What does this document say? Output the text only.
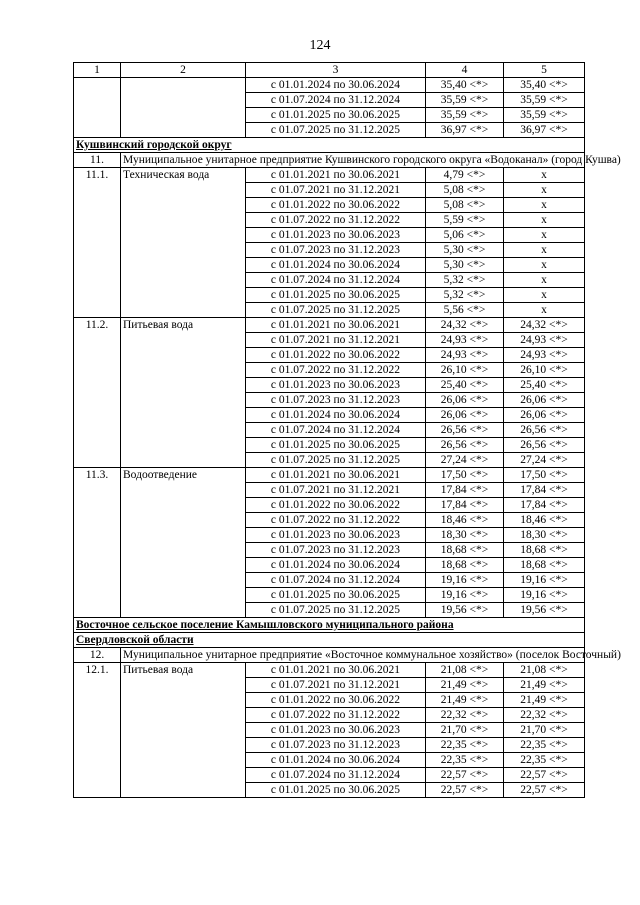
124
1	2	3	4	5
		с 01.01.2024 по 30.06.2024	35,40 <*>	35,40 <*>
		с 01.07.2024 по 31.12.2024	35,59 <*>	35,59 <*>
		с 01.01.2025 по 30.06.2025	35,59 <*>	35,59 <*>
		с 01.07.2025 по 31.12.2025	36,97 <*>	36,97 <*>
Кушвинский городской округ				
11.	Муниципальное унитарное предприятие Кушвинского городского округа «Водоканал» (город Кушва)			
11.1.	Техническая вода	с 01.01.2021 по 30.06.2021	4,79 <*>	x
		с 01.07.2021 по 31.12.2021	5,08 <*>	x
		с 01.01.2022 по 30.06.2022	5,08 <*>	x
		с 01.07.2022 по 31.12.2022	5,59 <*>	x
		с 01.01.2023 по 30.06.2023	5,06 <*>	x
		с 01.07.2023 по 31.12.2023	5,30 <*>	x
		с 01.01.2024 по 30.06.2024	5,30 <*>	x
		с 01.07.2024 по 31.12.2024	5,32 <*>	x
		с 01.01.2025 по 30.06.2025	5,32 <*>	x
		с 01.07.2025 по 31.12.2025	5,56 <*>	x
11.2.	Питьевая вода	с 01.01.2021 по 30.06.2021	24,32 <*>	24,32 <*>
		с 01.07.2021 по 31.12.2021	24,93 <*>	24,93 <*>
		с 01.01.2022 по 30.06.2022	24,93 <*>	24,93 <*>
		с 01.07.2022 по 31.12.2022	26,10 <*>	26,10 <*>
		с 01.01.2023 по 30.06.2023	25,40 <*>	25,40 <*>
		с 01.07.2023 по 31.12.2023	26,06 <*>	26,06 <*>
		с 01.01.2024 по 30.06.2024	26,06 <*>	26,06 <*>
		с 01.07.2024 по 31.12.2024	26,56 <*>	26,56 <*>
		с 01.01.2025 по 30.06.2025	26,56 <*>	26,56 <*>
		с 01.07.2025 по 31.12.2025	27,24 <*>	27,24 <*>
11.3.	Водоотведение	с 01.01.2021 по 30.06.2021	17,50 <*>	17,50 <*>
		с 01.07.2021 по 31.12.2021	17,84 <*>	17,84 <*>
		с 01.01.2022 по 30.06.2022	17,84 <*>	17,84 <*>
		с 01.07.2022 по 31.12.2022	18,46 <*>	18,46 <*>
		с 01.01.2023 по 30.06.2023	18,30 <*>	18,30 <*>
		с 01.07.2023 по 31.12.2023	18,68 <*>	18,68 <*>
		с 01.01.2024 по 30.06.2024	18,68 <*>	18,68 <*>
		с 01.07.2024 по 31.12.2024	19,16 <*>	19,16 <*>
		с 01.01.2025 по 30.06.2025	19,16 <*>	19,16 <*>
		с 01.07.2025 по 31.12.2025	19,56 <*>	19,56 <*>
Восточное сельское поселение Камышловского муниципального района				
Свердловской области				
12.	Муниципальное унитарное предприятие «Восточное коммунальное хозяйство» (поселок Восточный)			
12.1.	Питьевая вода	с 01.01.2021 по 30.06.2021	21,08 <*>	21,08 <*>
		с 01.07.2021 по 31.12.2021	21,49 <*>	21,49 <*>
		с 01.01.2022 по 30.06.2022	21,49 <*>	21,49 <*>
		с 01.07.2022 по 31.12.2022	22,32 <*>	22,32 <*>
		с 01.01.2023 по 30.06.2023	21,70 <*>	21,70 <*>
		с 01.07.2023 по 31.12.2023	22,35 <*>	22,35 <*>
		с 01.01.2024 по 30.06.2024	22,35 <*>	22,35 <*>
		с 01.07.2024 по 31.12.2024	22,57 <*>	22,57 <*>
		с 01.01.2025 по 30.06.2025	22,57 <*>	22,57 <*>
